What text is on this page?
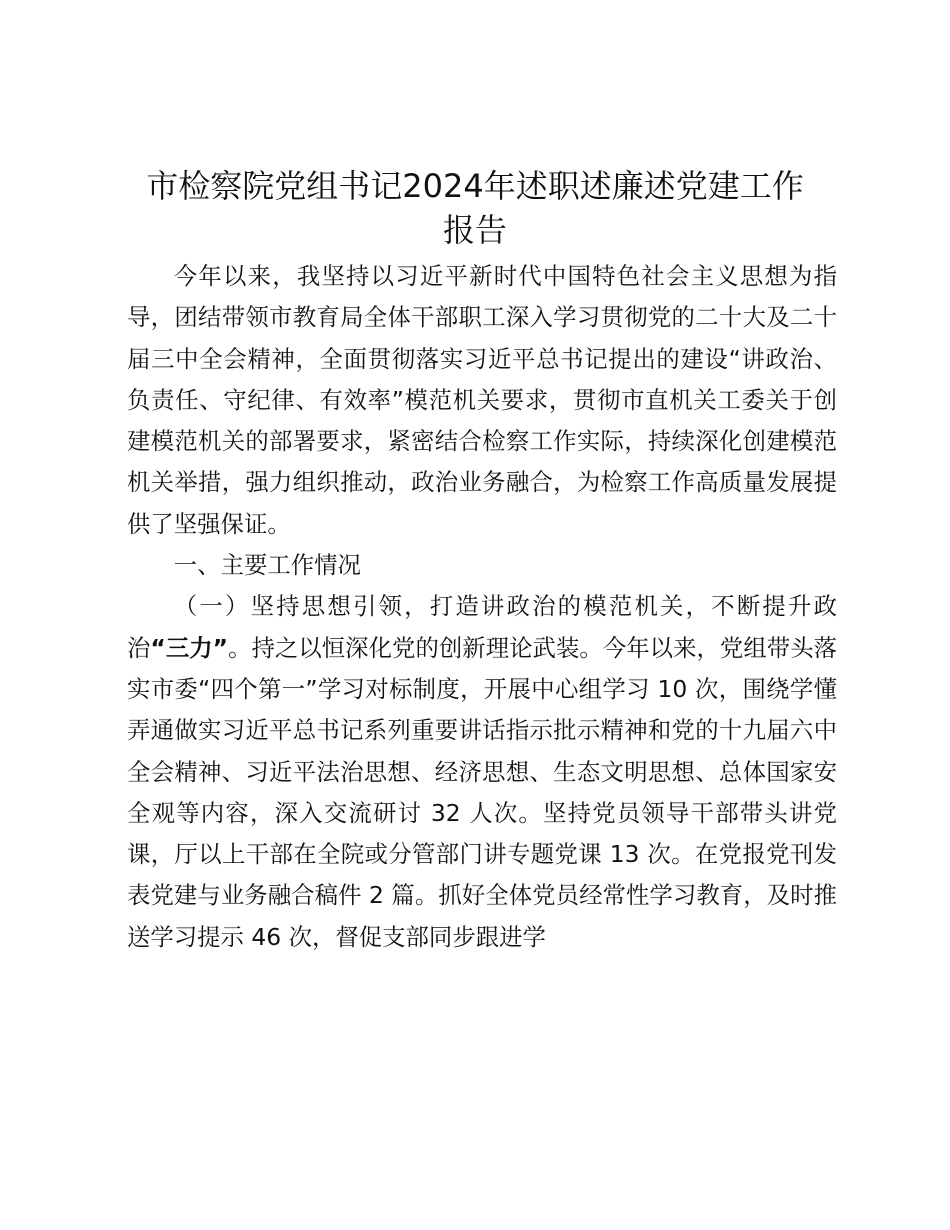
市检察院党组书记2024年述职述廉述党建工作
报告

今年以来，我坚持以习近平新时代中国特色社会主义思想为指导，团结带领市教育局全体干部职工深入学习贯彻党的二十大及二十届三中全会精神，全面贯彻落实习近平总书记提出的建设“讲政治、负责任、守纪律、有效率”模范机关要求，贯彻市直机关工委关于创建模范机关的部署要求，紧密结合检察工作实际，持续深化创建模范机关举措，强力组织推动，政治业务融合，为检察工作高质量发展提供了坚强保证。

一、主要工作情况

（一）坚持思想引领，打造讲政治的模范机关，不断提升政治“三力”。持之以恒深化党的创新理论武装。今年以来，党组带头落实市委“四个第一”学习对标制度，开展中心组学习 10 次，围绕学懂弄通做实习近平总书记系列重要讲话指示批示精神和党的十九届六中全会精神、习近平法治思想、经济思想、生态文明思想、总体国家安全观等内容，深入交流研讨 32 人次。坚持党员领导干部带头讲党课，厅以上干部在全院或分管部门讲专题党课 13 次。在党报党刊发表党建与业务融合稿件 2 篇。抓好全体党员经常性学习教育，及时推送学习提示 46 次，督促支部同步跟进学
